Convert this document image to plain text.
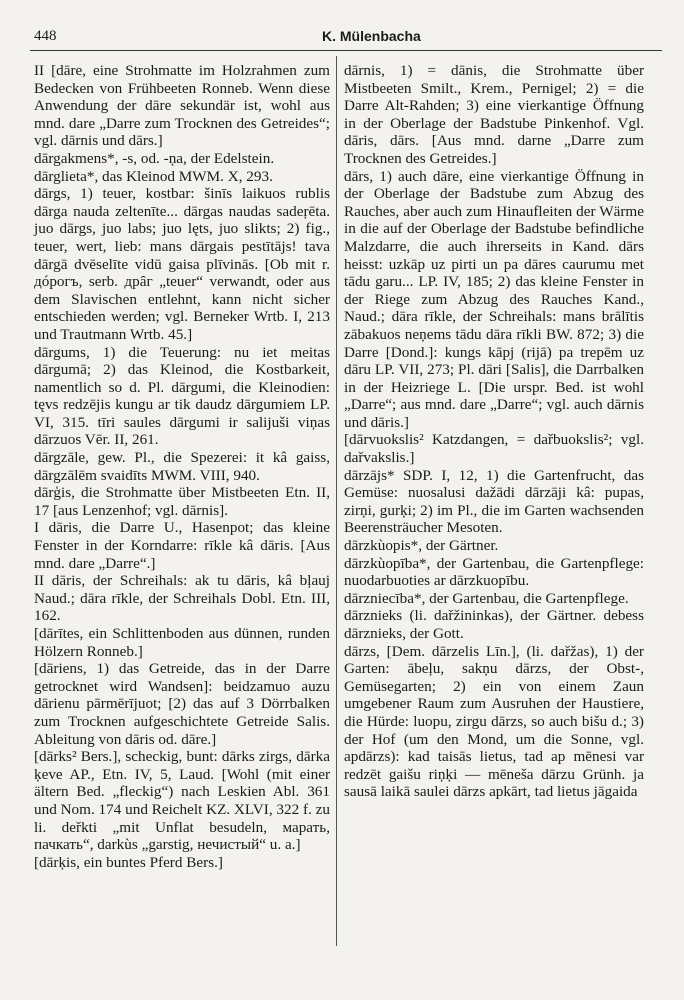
448	K. Mülenbacha

II [dāre, eine Strohmatte im Holzrahmen zum Bedecken von Frühbeeten Ronneb. Wenn diese Anwendung der dāre sekundär ist, wohl aus mnd. dare „Darre zum Trocknen des Getreides“; vgl. dārnis und dārs.]

dārgakmens*, -s, od. -ņa, der Edelstein.

dārglieta*, das Kleinod MWM. X, 293.

dārgs, 1) teuer, kostbar: šinīs laikuos rublis dārga nauda zeltenīte... dārgas naudas sadeŗēta. juo dārgs, juo labs; juo lęts, juo slikts; 2) fig., teuer, wert, lieb: mans dārgais pestītājs! tava dārgā dvēselīte vidū gaisa plīvinās. [Ob mit r. дóрогъ, serb. дрȃг „teuer“ verwandt, oder aus dem Slavischen entlehnt, kann nicht sicher entschieden werden; vgl. Berneker Wrtb. I, 213 und Trautmann Wrtb. 45.]

dārgums, 1) die Teuerung: nu iet meitas dārgumā; 2) das Kleinod, die Kostbarkeit, namentlich so d. Pl. dārgumi, die Kleinodien: tęvs redzējis kungu ar tik daudz dārgumiem LP. VI, 315. tīri saules dārgumi ir salijuši viņas dārzuos Vēr. II, 261.

dārgzāle, gew. Pl., die Spezerei: it kâ gaiss, dārgzālēm svaidīts MWM. VIII, 940.

dārģis, die Strohmatte über Mistbeeten Etn. II, 17 [aus Lenzenhof; vgl. dārnis].

I dāris, die Darre U., Hasenpot; das kleine Fenster in der Korndarre: rīkle kâ dāris. [Aus mnd. dare „Darre“.]

II dāris, der Schreihals: ak tu dāris, kâ bļauj Naud.; dāra rīkle, der Schreihals Dobl. Etn. III, 162.

[dārītes, ein Schlittenboden aus dünnen, runden Hölzern Ronneb.]

[dāriens, 1) das Getreide, das in der Darre getrocknet wird Wandsen]: beidzamuo auzu dārienu pārmērījuot; [2) das auf 3 Dörrbalken zum Trocknen aufgeschichtete Getreide Salis. Ableitung von dāris od. dāre.]

[dārks² Bers.], scheckig, bunt: dārks zirgs, dārka ķeve AP., Etn. IV, 5, Laud. [Wohl (mit einer ältern Bed. „fleckig“) nach Leskien Abl. 361 und Nom. 174 und Reichelt KZ. XLVI, 322 f. zu li. deřkti „mit Unflat besudeln, марать, пачкать“, darkùs „garstig, нечистый“ u. a.]

[dārķis, ein buntes Pferd Bers.]

dārnis, 1) = dānis, die Strohmatte über Mistbeeten Smilt., Krem., Pernigel; 2) = die Darre Alt-Rahden; 3) eine vierkantige Öffnung in der Oberlage der Badstube Pinkenhof. Vgl. dāris, dārs. [Aus mnd. darne „Darre zum Trocknen des Getreides.]

dārs, 1) auch dāre, eine vierkantige Öffnung in der Oberlage der Badstube zum Abzug des Rauches, aber auch zum Hinaufleiten der Wärme in die auf der Oberlage der Badstube befindliche Malzdarre, die auch ihrerseits in Kand. dārs heisst: uzkāp uz pirti un pa dāres caurumu met tādu garu... LP. IV, 185; 2) das kleine Fenster in der Riege zum Abzug des Rauches Kand., Naud.; dāra rīkle, der Schreihals: mans brālītis zābakuos neņems tādu dāra rīkli BW. 872; 3) die Darre [Dond.]: kungs kāpj (rijā) pa trepēm uz dāru LP. VII, 273; Pl. dāri [Salis], die Darrbalken in der Heizriege L. [Die urspr. Bed. ist wohl „Darre“; aus mnd. dare „Darre“; vgl. auch dārnis und dāris.]

[dārvuokslis² Katzdangen, = dařbuokslis²; vgl. dařvakslis.]

dārzājs* SDP. I, 12, 1) die Gartenfrucht, das Gemüse: nuosalusi dažādi dārzāji kâ: pupas, zirņi, gurķi; 2) im Pl., die im Garten wachsenden Beerensträucher Mesoten.

dārzkùopis*, der Gärtner.

dārzkùopība*, der Gartenbau, die Gartenpflege: nuodarbuoties ar dārzkuopību.

dārzniecība*, der Gartenbau, die Gartenpflege.

dārznieks (li. dařžininkas), der Gärtner. debess dārznieks, der Gott.

dārzs, [Dem. dārzelis Līn.], (li. dařžas), 1) der Garten: ābeļu, sakņu dārzs, der Obst-, Gemüsegarten; 2) ein von einem Zaun umgebener Raum zum Ausruhen der Haustiere, die Hürde: luopu, zirgu dārzs, so auch bišu d.; 3) der Hof (um den Mond, um die Sonne, vgl. apdārzs): kad taisās lietus, tad ap mēnesi var redzēt gaišu riņķi — mēneša dārzu Grünh. ja sausā laikā saulei dārzs apkārt, tad lietus jāgaida
